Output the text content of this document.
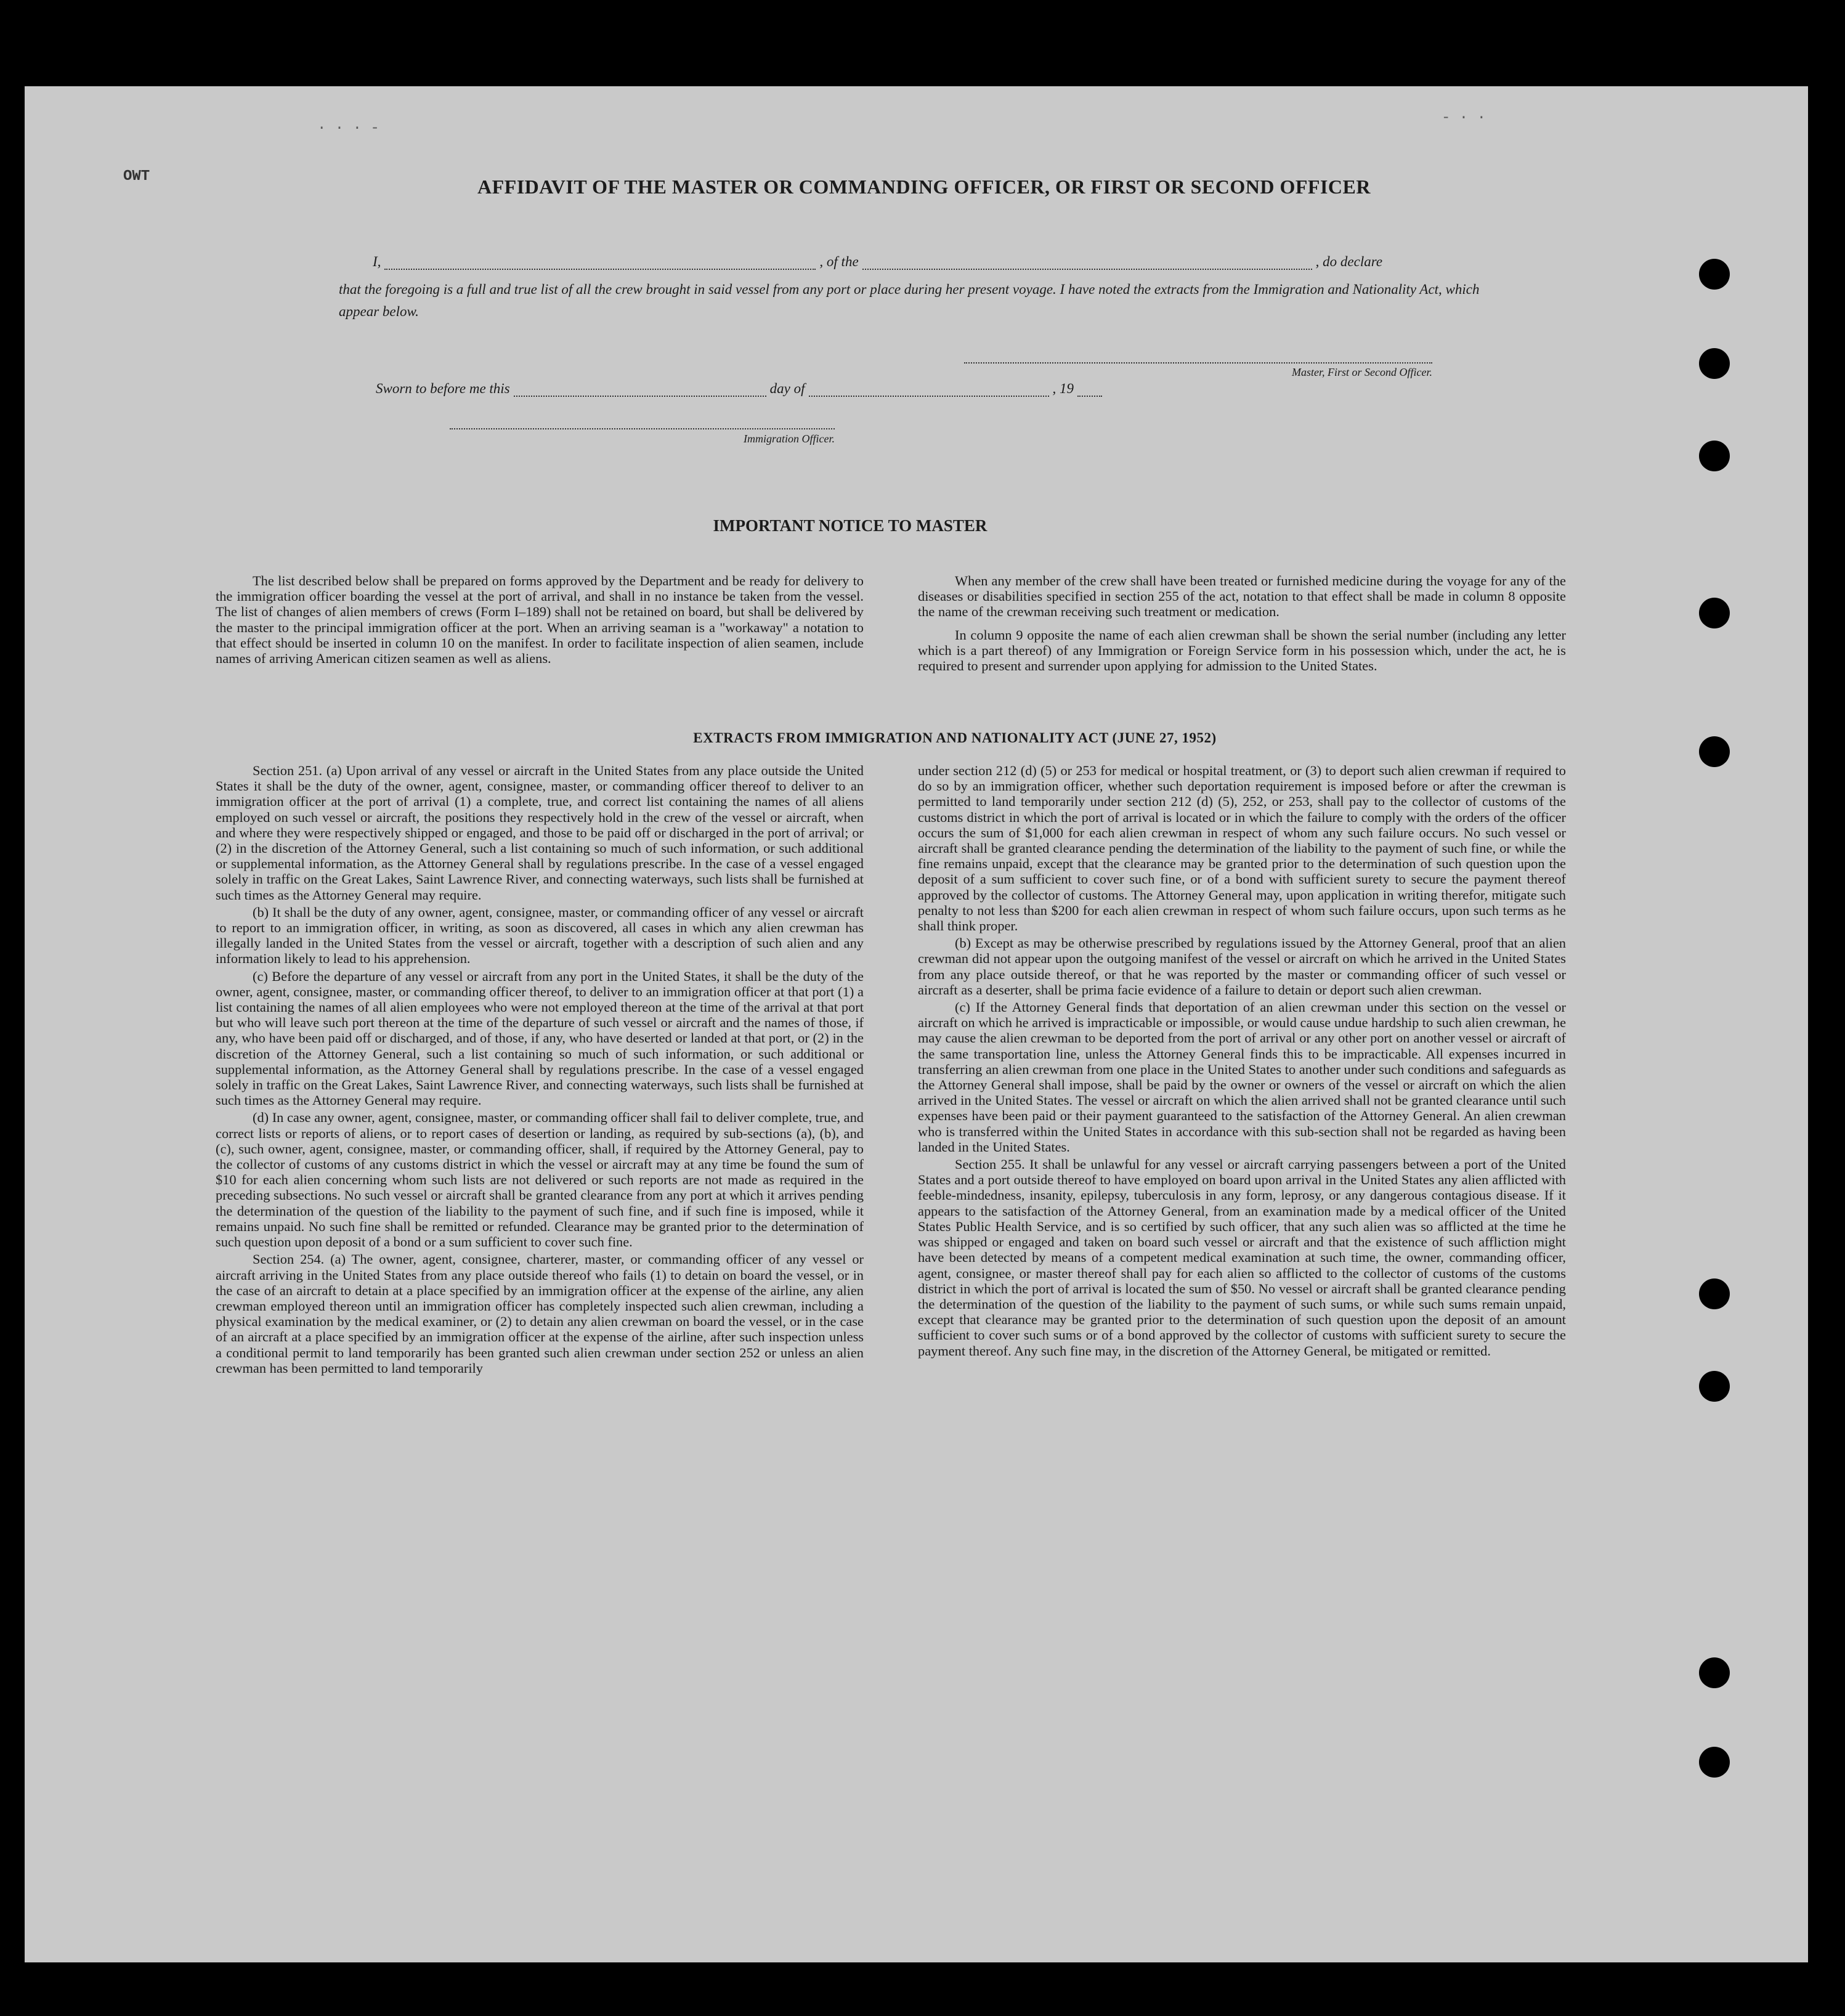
· · · -
- · ·
OWT	AFFIDAVIT OF THE MASTER OR COMMANDING OFFICER, OR FIRST OR SECOND OFFICER
I,	, of the	, do declare
that the foregoing is a full and true list of all the crew brought in said vessel from any port or place during her present voyage. I have noted the extracts from the Immigration and Nationality Act, which appear below.
Master, First or Second Officer.
Sworn to before me this	day of	, 19
Immigration Officer.
IMPORTANT NOTICE TO MASTER

The list described below shall be prepared on forms approved by the Department and be ready for delivery to the immigration officer boarding the vessel at the port of arrival, and shall in no instance be taken from the vessel. The list of changes of alien members of crews (Form I–189) shall not be retained on board, but shall be delivered by the master to the principal immigration officer at the port. When an arriving seaman is a "workaway" a notation to that effect should be inserted in column 10 on the manifest. In order to facilitate inspection of alien seamen, include names of arriving American citizen seamen as well as aliens.

When any member of the crew shall have been treated or furnished medicine during the voyage for any of the diseases or disabilities specified in section 255 of the act, notation to that effect shall be made in column 8 opposite the name of the crewman receiving such treatment or medication.

In column 9 opposite the name of each alien crewman shall be shown the serial number (including any letter which is a part thereof) of any Immigration or Foreign Service form in his possession which, under the act, he is required to present and surrender upon applying for admission to the United States.

EXTRACTS FROM IMMIGRATION AND NATIONALITY ACT (JUNE 27, 1952)

Section 251. (a) Upon arrival of any vessel or aircraft in the United States from any place outside the United States it shall be the duty of the owner, agent, consignee, master, or commanding officer thereof to deliver to an immigration officer at the port of arrival (1) a complete, true, and correct list containing the names of all aliens employed on such vessel or aircraft, the positions they respectively hold in the crew of the vessel or aircraft, when and where they were respectively shipped or engaged, and those to be paid off or discharged in the port of arrival; or (2) in the discretion of the Attorney General, such a list containing so much of such information, or such additional or supplemental information, as the Attorney General shall by regulations prescribe. In the case of a vessel engaged solely in traffic on the Great Lakes, Saint Lawrence River, and connecting waterways, such lists shall be furnished at such times as the Attorney General may require.

(b) It shall be the duty of any owner, agent, consignee, master, or commanding officer of any vessel or aircraft to report to an immigration officer, in writing, as soon as discovered, all cases in which any alien crewman has illegally landed in the United States from the vessel or aircraft, together with a description of such alien and any information likely to lead to his apprehension.

(c) Before the departure of any vessel or aircraft from any port in the United States, it shall be the duty of the owner, agent, consignee, master, or commanding officer thereof, to deliver to an immigration officer at that port (1) a list containing the names of all alien employees who were not employed thereon at the time of the arrival at that port but who will leave such port thereon at the time of the departure of such vessel or aircraft and the names of those, if any, who have been paid off or discharged, and of those, if any, who have deserted or landed at that port, or (2) in the discretion of the Attorney General, such a list containing so much of such information, or such additional or supplemental information, as the Attorney General shall by regulations prescribe. In the case of a vessel engaged solely in traffic on the Great Lakes, Saint Lawrence River, and connecting waterways, such lists shall be furnished at such times as the Attorney General may require.

(d) In case any owner, agent, consignee, master, or commanding officer shall fail to deliver complete, true, and correct lists or reports of aliens, or to report cases of desertion or landing, as required by sub-sections (a), (b), and (c), such owner, agent, consignee, master, or commanding officer, shall, if required by the Attorney General, pay to the collector of customs of any customs district in which the vessel or aircraft may at any time be found the sum of $10 for each alien concerning whom such lists are not delivered or such reports are not made as required in the preceding subsections. No such vessel or aircraft shall be granted clearance from any port at which it arrives pending the determination of the question of the liability to the payment of such fine, and if such fine is imposed, while it remains unpaid. No such fine shall be remitted or refunded. Clearance may be granted prior to the determination of such question upon deposit of a bond or a sum sufficient to cover such fine.

Section 254. (a) The owner, agent, consignee, charterer, master, or commanding officer of any vessel or aircraft arriving in the United States from any place outside thereof who fails (1) to detain on board the vessel, or in the case of an aircraft to detain at a place specified by an immigration officer at the expense of the airline, any alien crewman employed thereon until an immigration officer has completely inspected such alien crewman, including a physical examination by the medical examiner, or (2) to detain any alien crewman on board the vessel, or in the case of an aircraft at a place specified by an immigration officer at the expense of the airline, after such inspection unless a conditional permit to land temporarily has been granted such alien crewman under section 252 or unless an alien crewman has been permitted to land temporarily

under section 212 (d) (5) or 253 for medical or hospital treatment, or (3) to deport such alien crewman if required to do so by an immigration officer, whether such deportation requirement is imposed before or after the crewman is permitted to land temporarily under section 212 (d) (5), 252, or 253, shall pay to the collector of customs of the customs district in which the port of arrival is located or in which the failure to comply with the orders of the officer occurs the sum of $1,000 for each alien crewman in respect of whom any such failure occurs. No such vessel or aircraft shall be granted clearance pending the determination of the liability to the payment of such fine, or while the fine remains unpaid, except that the clearance may be granted prior to the determination of such question upon the deposit of a sum sufficient to cover such fine, or of a bond with sufficient surety to secure the payment thereof approved by the collector of customs. The Attorney General may, upon application in writing therefor, mitigate such penalty to not less than $200 for each alien crewman in respect of whom such failure occurs, upon such terms as he shall think proper.

(b) Except as may be otherwise prescribed by regulations issued by the Attorney General, proof that an alien crewman did not appear upon the outgoing manifest of the vessel or aircraft on which he arrived in the United States from any place outside thereof, or that he was reported by the master or commanding officer of such vessel or aircraft as a deserter, shall be prima facie evidence of a failure to detain or deport such alien crewman.

(c) If the Attorney General finds that deportation of an alien crewman under this section on the vessel or aircraft on which he arrived is impracticable or impossible, or would cause undue hardship to such alien crewman, he may cause the alien crewman to be deported from the port of arrival or any other port on another vessel or aircraft of the same transportation line, unless the Attorney General finds this to be impracticable. All expenses incurred in transferring an alien crewman from one place in the United States to another under such conditions and safeguards as the Attorney General shall impose, shall be paid by the owner or owners of the vessel or aircraft on which the alien arrived in the United States. The vessel or aircraft on which the alien arrived shall not be granted clearance until such expenses have been paid or their payment guaranteed to the satisfaction of the Attorney General. An alien crewman who is transferred within the United States in accordance with this sub-section shall not be regarded as having been landed in the United States.

Section 255. It shall be unlawful for any vessel or aircraft carrying passengers between a port of the United States and a port outside thereof to have employed on board upon arrival in the United States any alien afflicted with feeble-mindedness, insanity, epilepsy, tuberculosis in any form, leprosy, or any dangerous contagious disease. If it appears to the satisfaction of the Attorney General, from an examination made by a medical officer of the United States Public Health Service, and is so certified by such officer, that any such alien was so afflicted at the time he was shipped or engaged and taken on board such vessel or aircraft and that the existence of such affliction might have been detected by means of a competent medical examination at such time, the owner, commanding officer, agent, consignee, or master thereof shall pay for each alien so afflicted to the collector of customs of the customs district in which the port of arrival is located the sum of $50. No vessel or aircraft shall be granted clearance pending the determination of the question of the liability to the payment of such sums, or while such sums remain unpaid, except that clearance may be granted prior to the determination of such question upon the deposit of an amount sufficient to cover such sums or of a bond approved by the collector of customs with sufficient surety to secure the payment thereof. Any such fine may, in the discretion of the Attorney General, be mitigated or remitted.
